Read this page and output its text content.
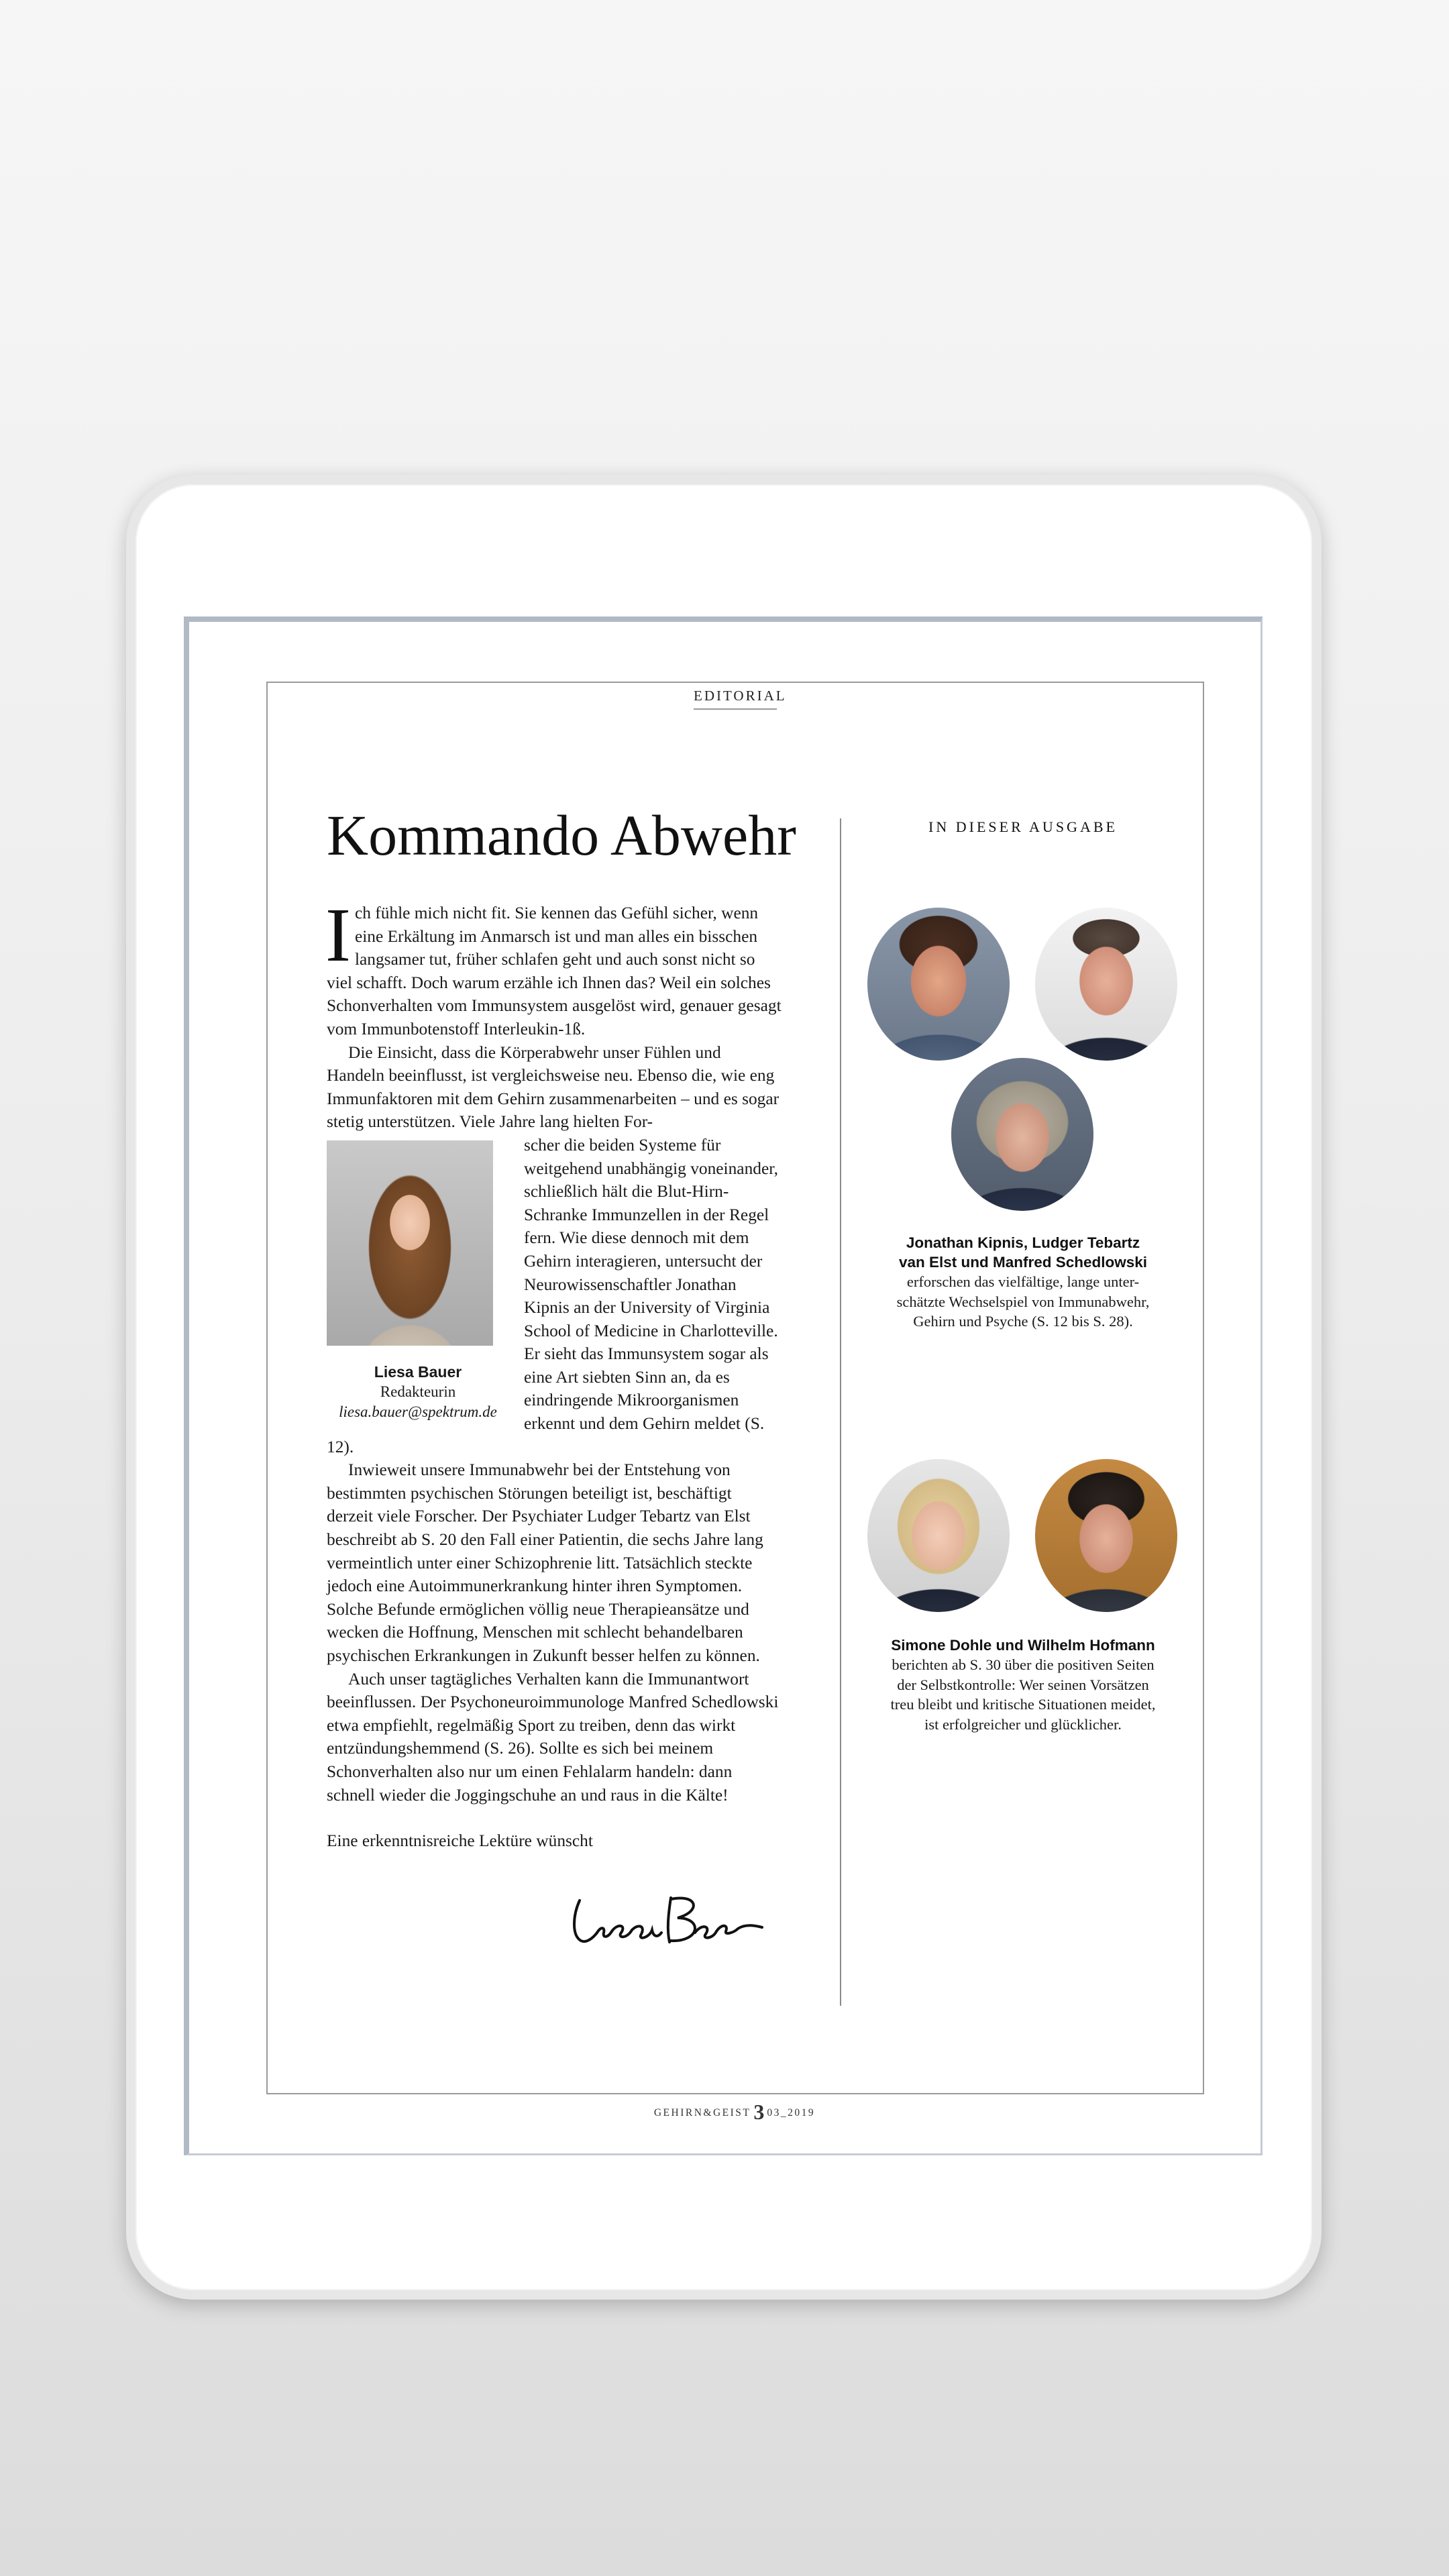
EDITORIAL
Kommando Abwehr

Ich fühle mich nicht fit. Sie kennen das Gefühl sicher, wenn eine Erkältung im Anmarsch ist und man alles ein bisschen langsamer tut, früher schlafen geht und auch sonst nicht so viel schafft. Doch warum erzähle ich Ihnen das? Weil ein solches Schonverhalten vom Immunsystem ausgelöst wird, genauer gesagt vom Immunbotenstoff Interleukin-1ß.

Die Einsicht, dass die Körperabwehr unser Fühlen und Handeln beeinflusst, ist vergleichsweise neu. Ebenso die, wie eng Immunfaktoren mit dem Gehirn zusammenarbeiten – und es sogar stetig unterstützen. Viele Jahre lang hielten For-

Liesa Bauer
Redakteurin
liesa.bauer@spektrum.de

scher die beiden Systeme für weitgehend unabhängig voneinander, schließlich hält die Blut-Hirn-Schranke Immunzellen in der Regel fern. Wie diese dennoch mit dem Gehirn interagieren, untersucht der Neurowissenschaftler Jonathan Kipnis an der University of Virginia School of Medicine in Charlotteville. Er sieht das Immunsystem sogar als eine Art siebten Sinn an, da es eindringende Mikroorganismen erkennt und dem Gehirn meldet (S. 12).

Inwieweit unsere Immunabwehr bei der Entstehung von bestimmten psychischen Störungen beteiligt ist, beschäftigt derzeit viele Forscher. Der Psychiater Ludger Tebartz van Elst beschreibt ab S. 20 den Fall einer Patientin, die sechs Jahre lang vermeintlich unter einer Schizophrenie litt. Tatsächlich steckte jedoch eine Autoimmunerkrankung hinter ihren Symptomen. Solche Befunde ermöglichen völlig neue Therapieansätze und wecken die Hoffnung, Menschen mit schlecht behandelbaren psychischen Erkrankungen in Zukunft besser helfen zu können.

Auch unser tagtägliches Verhalten kann die Immunantwort beeinflussen. Der Psychoneuroimmunologe Manfred Schedlowski etwa empfiehlt, regelmäßig Sport zu treiben, denn das wirkt entzündungshemmend (S. 26). Sollte es sich bei meinem Schonverhalten also nur um einen Fehlalarm handeln: dann schnell wieder die Joggingschuhe an und raus in die Kälte!

Eine erkenntnisreiche Lektüre wünscht

IN DIESER AUSGABE
Jonathan Kipnis, Ludger Tebartz
van Elst und Manfred Schedlowski
erforschen das vielfältige, lange unter-
schätzte Wechselspiel von Immunabwehr,
Gehirn und Psyche (S. 12 bis S. 28).
Simone Dohle und Wilhelm Hofmann
berichten ab S. 30 über die positiven Seiten
der Selbstkontrolle: Wer seinen Vorsätzen
treu bleibt und kritische Situationen meidet,
ist erfolgreicher und glücklicher.
GEHIRN&GEIST 3 03_2019
